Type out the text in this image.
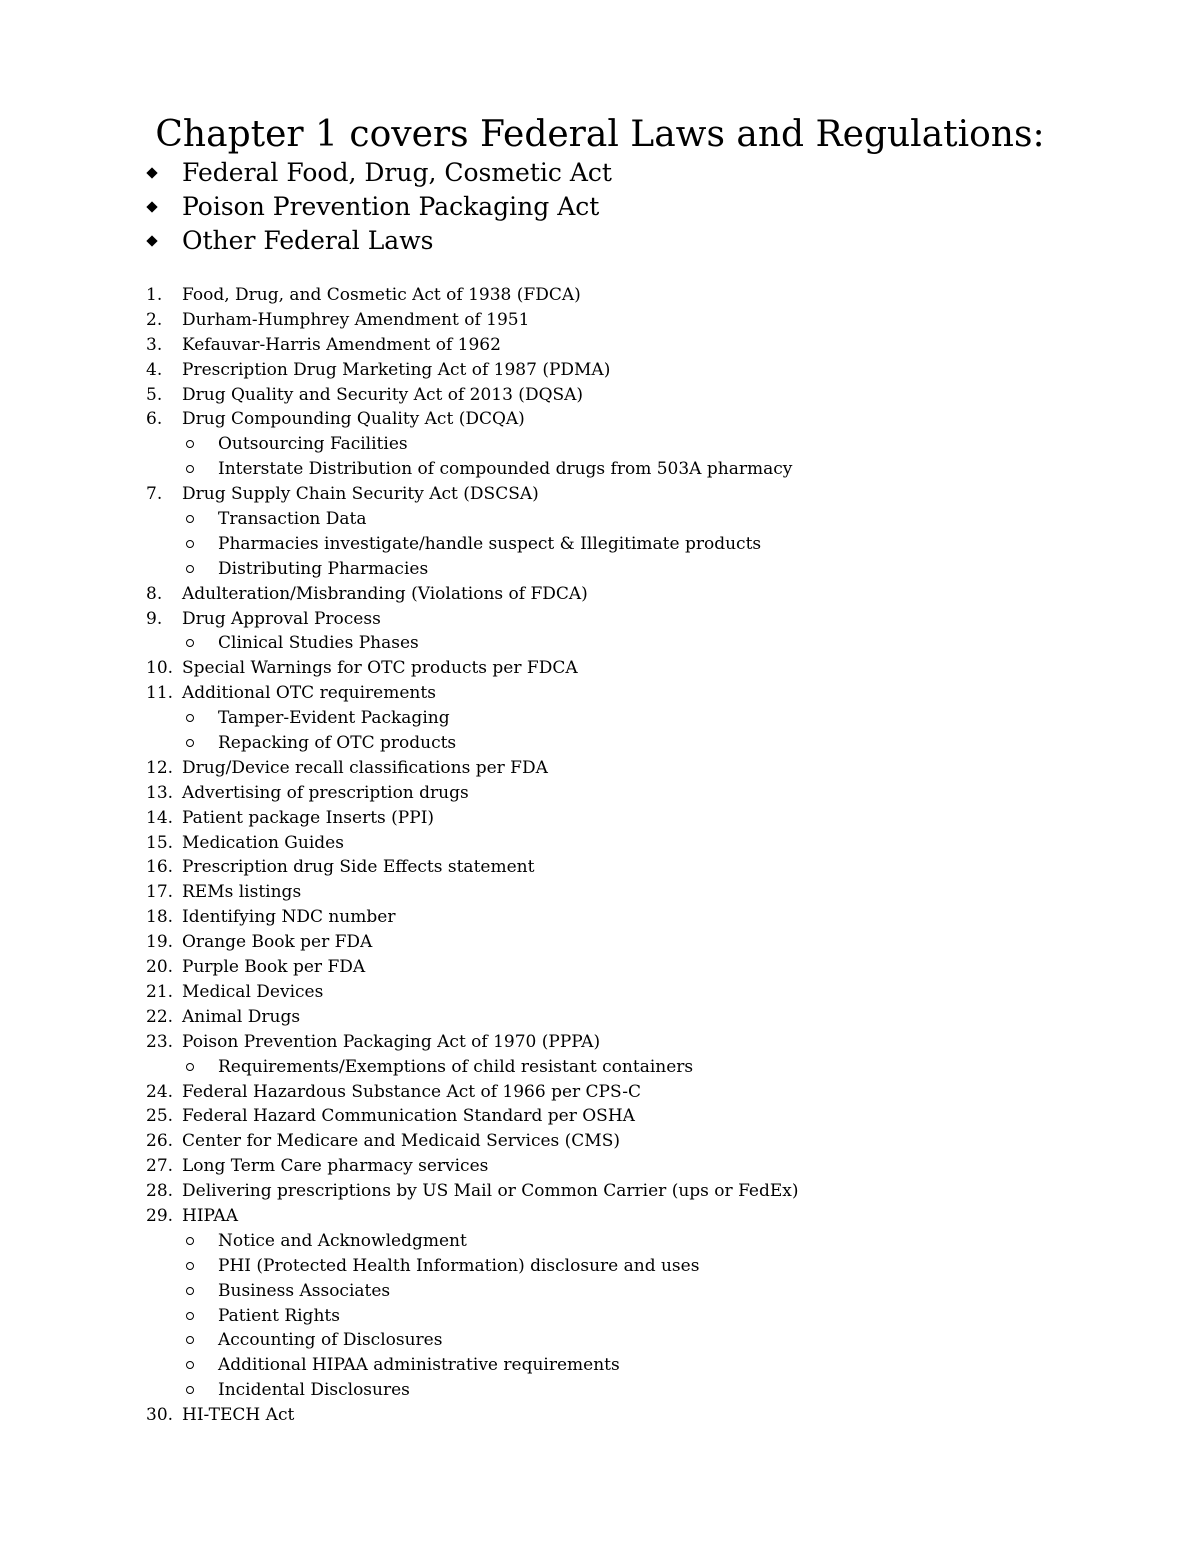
Chapter 1 covers Federal Laws and Regulations:
Federal Food, Drug, Cosmetic Act
Poison Prevention Packaging Act
Other Federal Laws
1. Food, Drug, and Cosmetic Act of 1938 (FDCA)
2. Durham-Humphrey Amendment of 1951
3. Kefauvar-Harris Amendment of 1962
4. Prescription Drug Marketing Act of 1987 (PDMA)
5. Drug Quality and Security Act of 2013 (DQSA)
6. Drug Compounding Quality Act (DCQA)
Outsourcing Facilities
Interstate Distribution of compounded drugs from 503A pharmacy
7. Drug Supply Chain Security Act (DSCSA)
Transaction Data
Pharmacies investigate/handle suspect & Illegitimate products
Distributing Pharmacies
8. Adulteration/Misbranding (Violations of FDCA)
9. Drug Approval Process
Clinical Studies Phases
10. Special Warnings for OTC products per FDCA
11. Additional OTC requirements
Tamper-Evident Packaging
Repacking of OTC products
12. Drug/Device recall classifications per FDA
13. Advertising of prescription drugs
14. Patient package Inserts (PPI)
15. Medication Guides
16. Prescription drug Side Effects statement
17. REMs listings
18. Identifying NDC number
19. Orange Book per FDA
20. Purple Book per FDA
21. Medical Devices
22. Animal Drugs
23. Poison Prevention Packaging Act of 1970 (PPPA)
Requirements/Exemptions of child resistant containers
24. Federal Hazardous Substance Act of 1966 per CPS-C
25. Federal Hazard Communication Standard per OSHA
26. Center for Medicare and Medicaid Services (CMS)
27. Long Term Care pharmacy services
28. Delivering prescriptions by US Mail or Common Carrier (ups or FedEx)
29. HIPAA
Notice and Acknowledgment
PHI (Protected Health Information) disclosure and uses
Business Associates
Patient Rights
Accounting of Disclosures
Additional HIPAA administrative requirements
Incidental Disclosures
30. HI-TECH Act
